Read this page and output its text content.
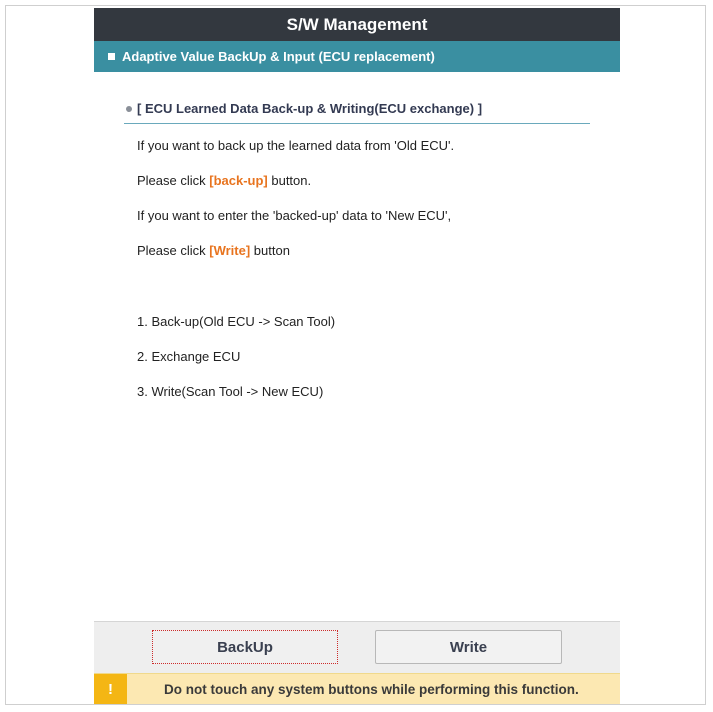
S/W Management
Adaptive Value BackUp & Input (ECU replacement)
[ ECU Learned Data Back-up & Writing(ECU exchange) ]
If you want to back up the learned data from 'Old ECU'.
Please click [back-up] button.
If you want to enter the 'backed-up' data to 'New ECU',
Please click [Write] button
1. Back-up(Old ECU -> Scan Tool)
2. Exchange ECU
3. Write(Scan Tool -> New ECU)
BackUp	Write
!	Do not touch any system buttons while performing this function.
